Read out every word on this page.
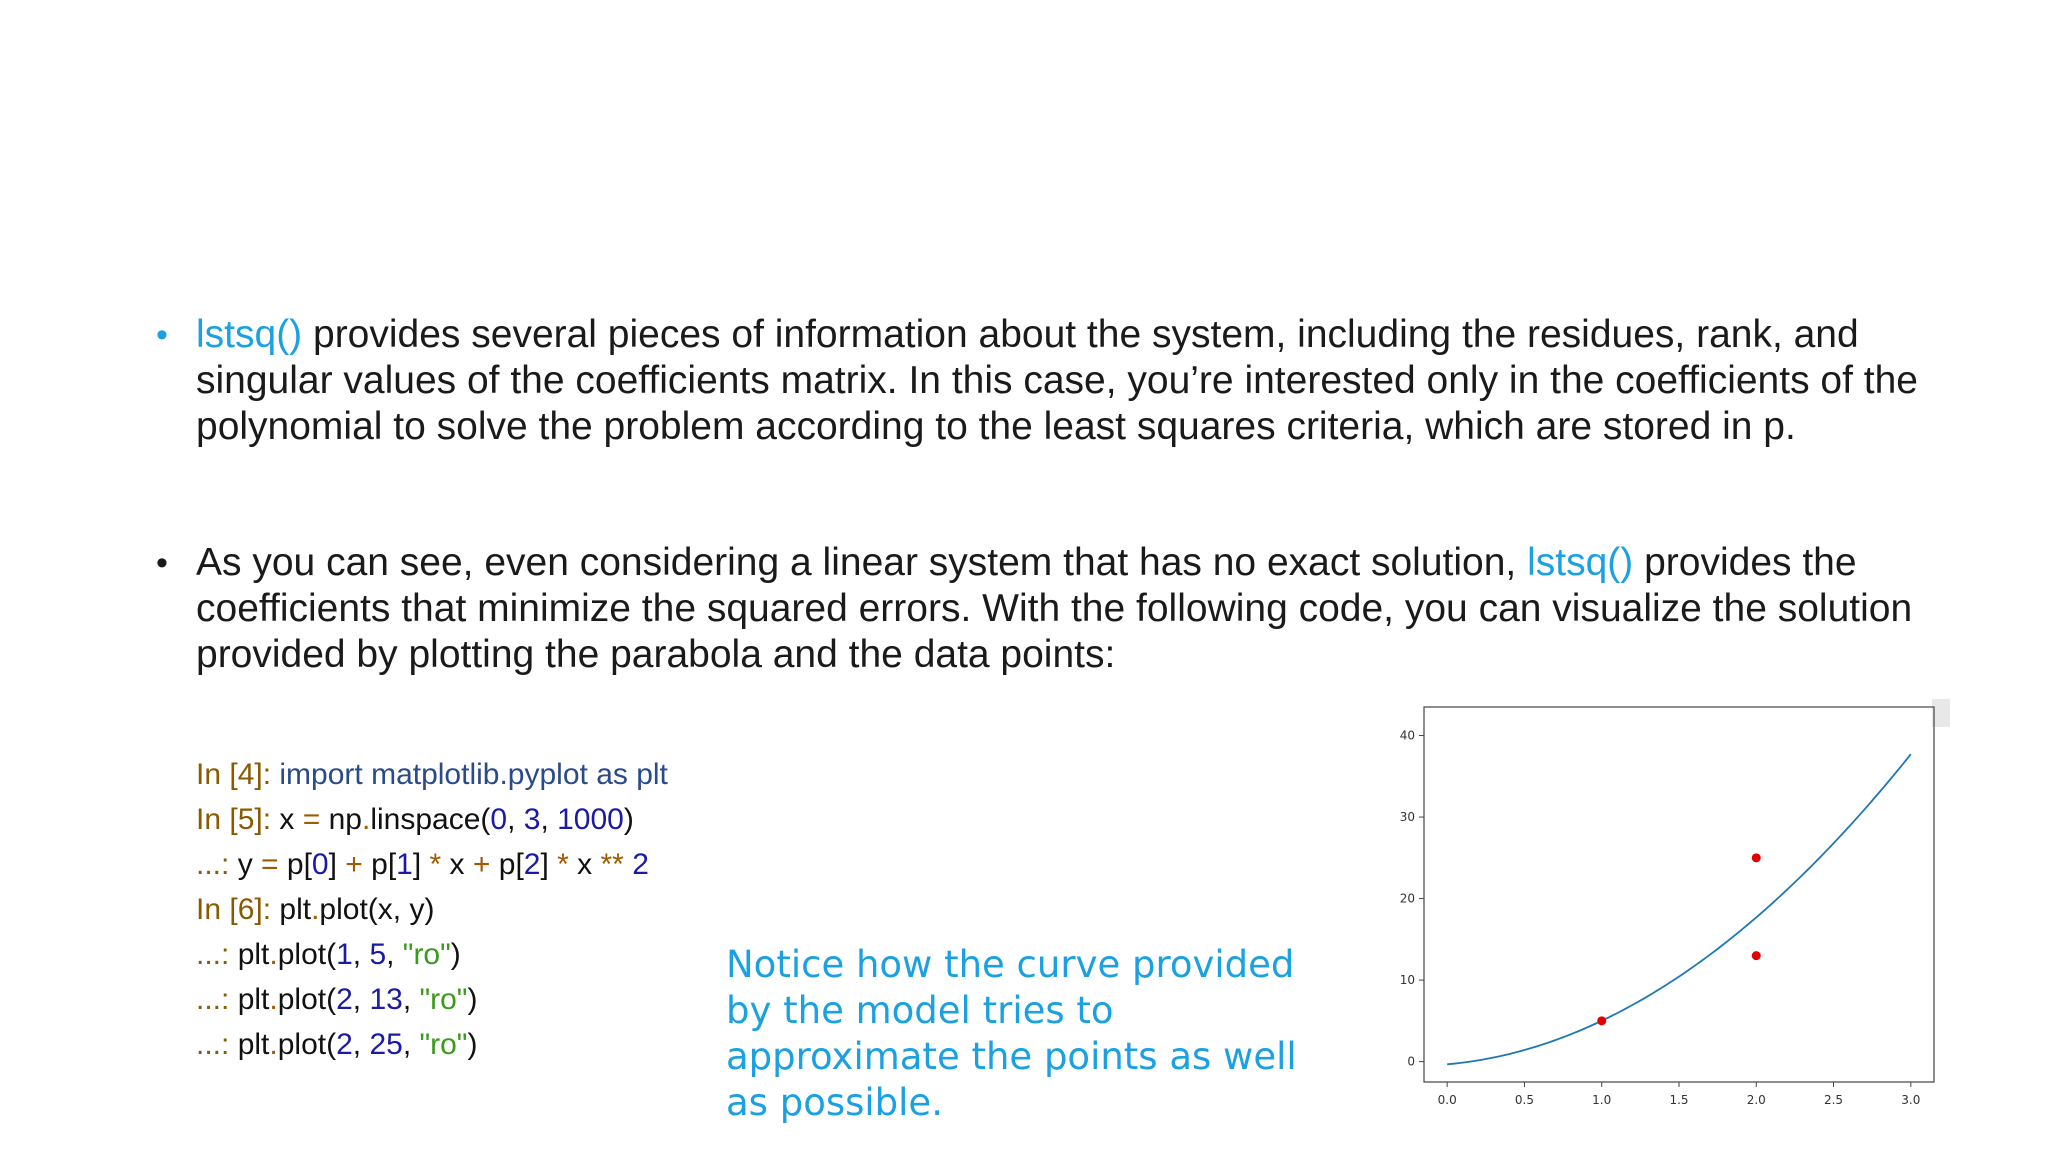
• lstsq() provides several pieces of information about the system, including the residues, rank, and singular values of the coefficients matrix. In this case, you’re interested only in the coefficients of the polynomial to solve the problem according to the least squares criteria, which are stored in p.
• As you can see, even considering a linear system that has no exact solution, lstsq() provides the coefficients that minimize the squared errors. With the following code, you can visualize the solution provided by plotting the parabola and the data points:
In [4]: import matplotlib.pyplot as plt
In [5]: x = np.linspace(0, 3, 1000)
...: y = p[0] + p[1] * x + p[2] * x ** 2
In [6]: plt.plot(x, y)
...: plt.plot(1, 5, "ro")
...: plt.plot(2, 13, "ro")
...: plt.plot(2, 25, "ro")
Notice how the curve provided by the model tries to approximate the points as well as possible.	0.0	0.5	1.0	1.5	2.0	2.5	3.0
0
10
20
30
40
